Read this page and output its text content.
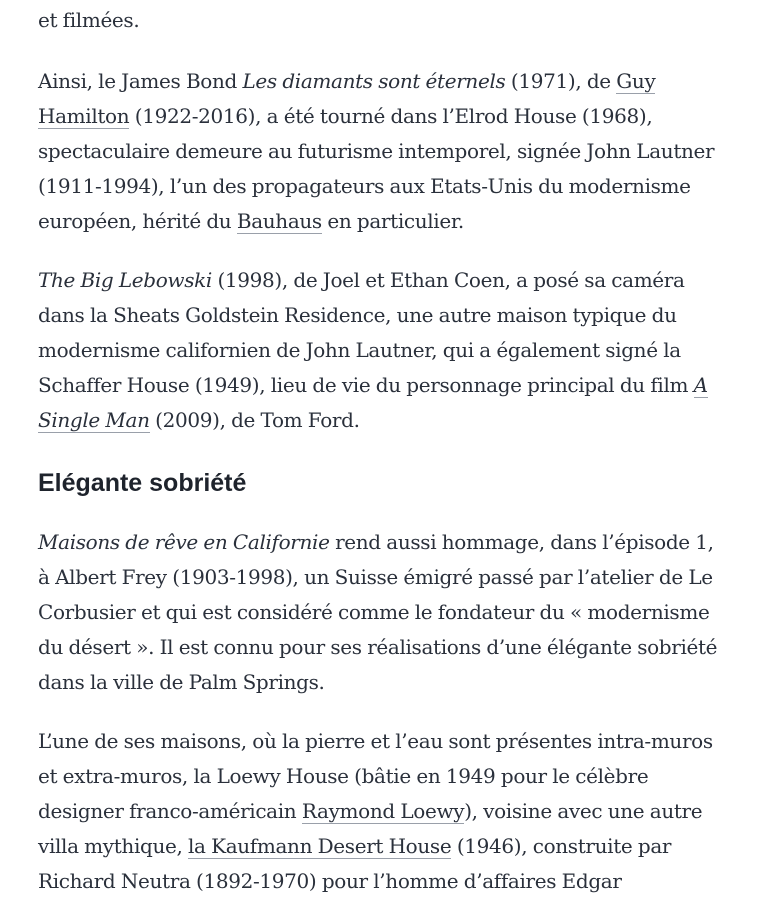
et filmées.

Ainsi, le James Bond Les diamants sont éternels (1971), de Guy Hamilton (1922-2016), a été tourné dans l’Elrod House (1968), spectaculaire demeure au futurisme intemporel, signée John Lautner (1911-1994), l’un des propagateurs aux Etats-Unis du modernisme européen, hérité du Bauhaus en particulier.

The Big Lebowski (1998), de Joel et Ethan Coen, a posé sa caméra dans la Sheats Goldstein Residence, une autre maison typique du modernisme californien de John Lautner, qui a également signé la Schaffer House (1949), lieu de vie du personnage principal du film A Single Man (2009), de Tom Ford.

Elégante sobriété

Maisons de rêve en Californie rend aussi hommage, dans l’épisode 1, à Albert Frey (1903-1998), un Suisse émigré passé par l’atelier de Le Corbusier et qui est considéré comme le fondateur du « modernisme du désert ». Il est connu pour ses réalisations d’une élégante sobriété dans la ville de Palm Springs.

L’une de ses maisons, où la pierre et l’eau sont présentes intra-muros et extra-muros, la Loewy House (bâtie en 1949 pour le célèbre designer franco-américain Raymond Loewy), voisine avec une autre villa mythique, la Kaufmann Desert House (1946), construite par Richard Neutra (1892-1970) pour l’homme d’affaires Edgar
